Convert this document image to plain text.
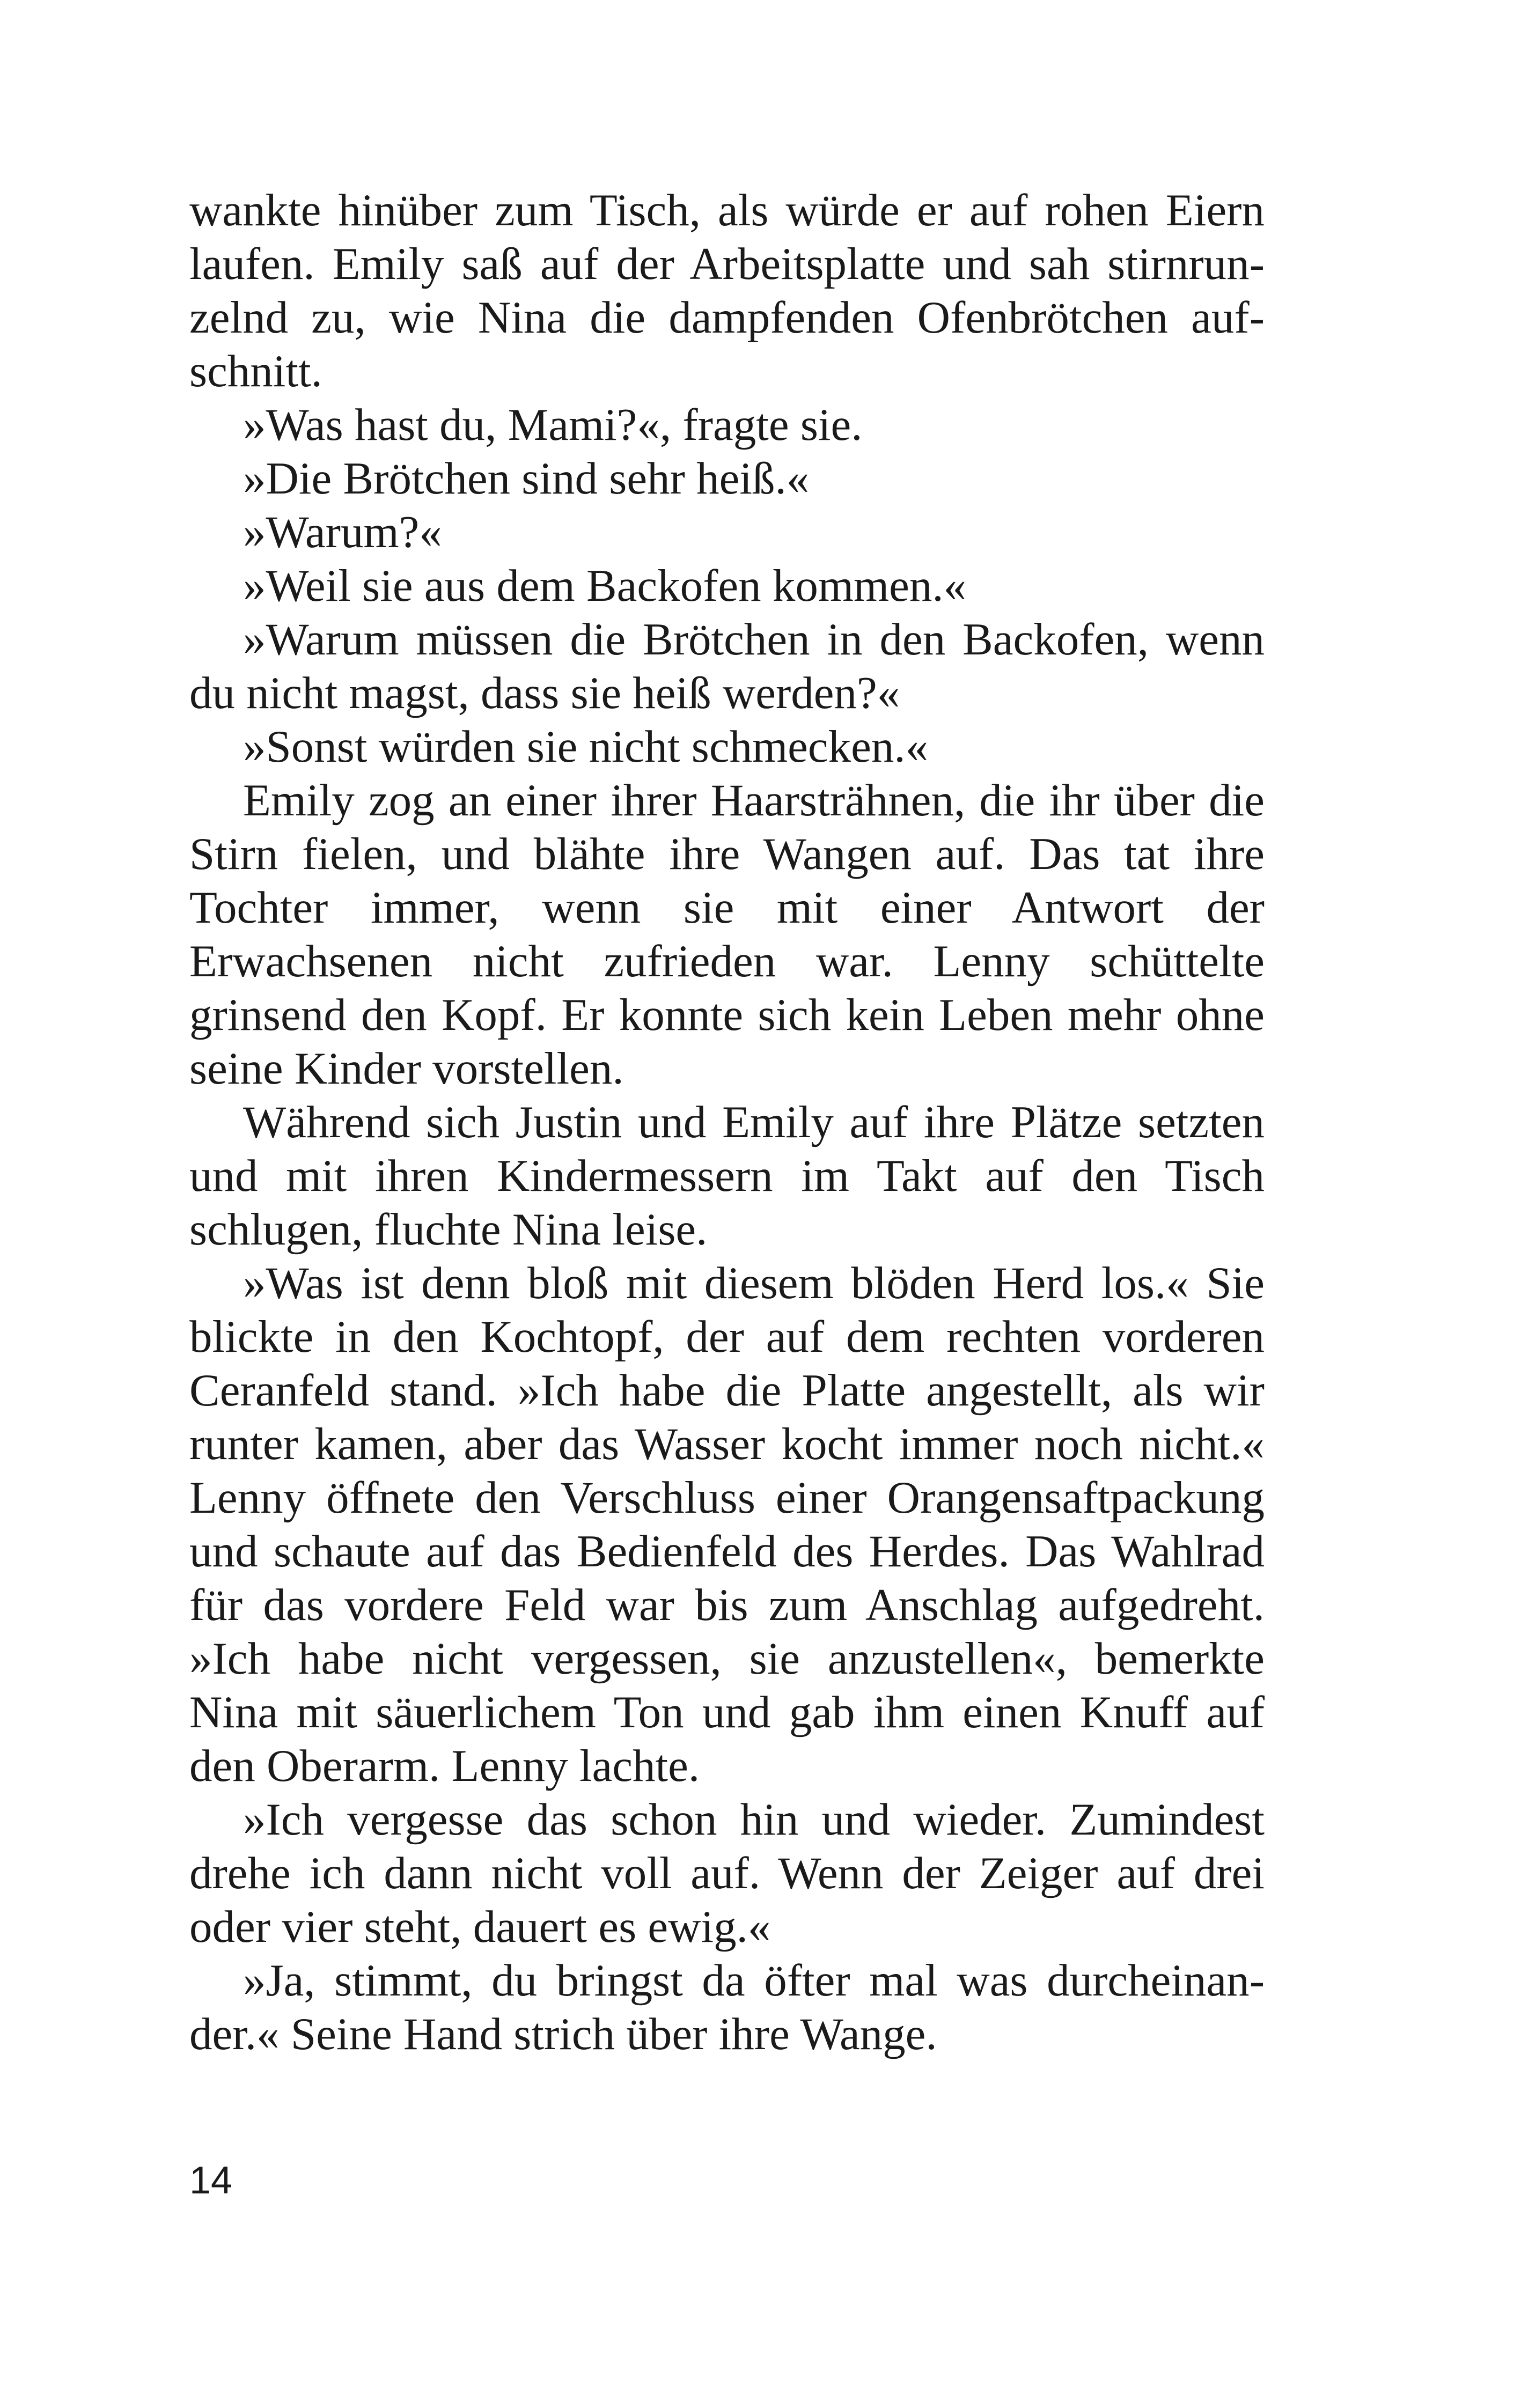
wankte hinüber zum Tisch, als würde er auf rohen Eiern laufen. Emily saß auf der Arbeitsplatte und sah stirnrunzelnd zu, wie Nina die dampfenden Ofenbrötchen aufschnitt.

»Was hast du, Mami?«, fragte sie.

»Die Brötchen sind sehr heiß.«

»Warum?«

»Weil sie aus dem Backofen kommen.«

»Warum müssen die Brötchen in den Backofen, wenn du nicht magst, dass sie heiß werden?«

»Sonst würden sie nicht schmecken.«

Emily zog an einer ihrer Haarsträhnen, die ihr über die Stirn fielen, und blähte ihre Wangen auf. Das tat ihre Tochter immer, wenn sie mit einer Antwort der Erwachsenen nicht zufrieden war. Lenny schüttelte grinsend den Kopf. Er konnte sich kein Leben mehr ohne seine Kinder vorstellen.

Während sich Justin und Emily auf ihre Plätze setzten und mit ihren Kindermessern im Takt auf den Tisch schlugen, fluchte Nina leise.

»Was ist denn bloß mit diesem blöden Herd los.« Sie blickte in den Kochtopf, der auf dem rechten vorderen Ceranfeld stand. »Ich habe die Platte angestellt, als wir runter kamen, aber das Wasser kocht immer noch nicht.« Lenny öffnete den Verschluss einer Orangensaftpackung und schaute auf das Bedienfeld des Herdes. Das Wahlrad für das vordere Feld war bis zum Anschlag aufgedreht. »Ich habe nicht vergessen, sie anzustellen«, bemerkte Nina mit säuerlichem Ton und gab ihm einen Knuff auf den Oberarm. Lenny lachte.

»Ich vergesse das schon hin und wieder. Zumindest drehe ich dann nicht voll auf. Wenn der Zeiger auf drei oder vier steht, dauert es ewig.«

»Ja, stimmt, du bringst da öfter mal was durcheinander.« Seine Hand strich über ihre Wange.

14
